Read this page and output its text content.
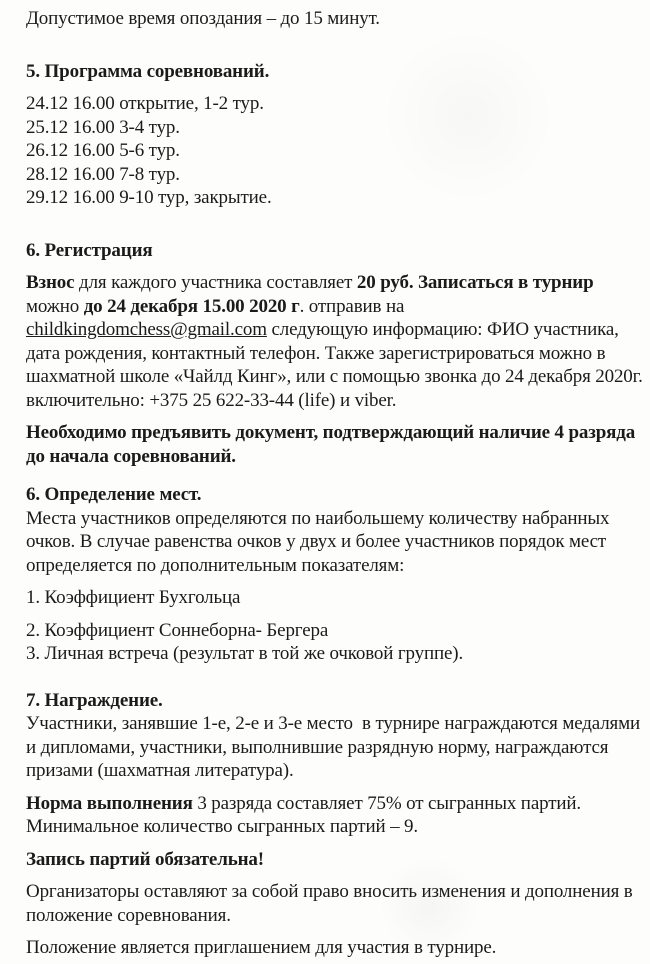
Допустимое время опоздания – до 15 минут.
5. Программа соревнований.
24.12 16.00 открытие, 1-2 тур.
25.12 16.00 3-4 тур.
26.12 16.00 5-6 тур.
28.12 16.00 7-8 тур.
29.12 16.00 9-10 тур, закрытие.
6. Регистрация
Взнос для каждого участника составляет 20 руб. Записаться в турнир
можно до 24 декабря 15.00 2020 г. отправив на
childkingdomchess@gmail.com следующую информацию: ФИО участника,
дата рождения, контактный телефон. Также зарегистрироваться можно в
шахматной школе «Чайлд Кинг», или с помощью звонка до 24 декабря 2020г.
включительно: +375 25 622-33-44 (life) и viber.
Необходимо предъявить документ, подтверждающий наличие 4 разряда
до начала соревнований.
6. Определение мест.
Места участников определяются по наибольшему количеству набранных
очков. В случае равенства очков у двух и более участников порядок мест
определяется по дополнительным показателям:
1. Коэффициент Бухгольца
2. Коэффициент Соннеборна- Бергера
3. Личная встреча (результат в той же очковой группе).
7. Награждение.
Участники, занявшие 1-е, 2-е и 3-е место  в турнире награждаются медалями
и дипломами, участники, выполнившие разрядную норму, награждаются
призами (шахматная литература).
Норма выполнения 3 разряда составляет 75% от сыгранных партий.
Минимальное количество сыгранных партий – 9.
Запись партий обязательна!
Организаторы оставляют за собой право вносить изменения и дополнения в
положение соревнования.
Положение является приглашением для участия в турнире.
